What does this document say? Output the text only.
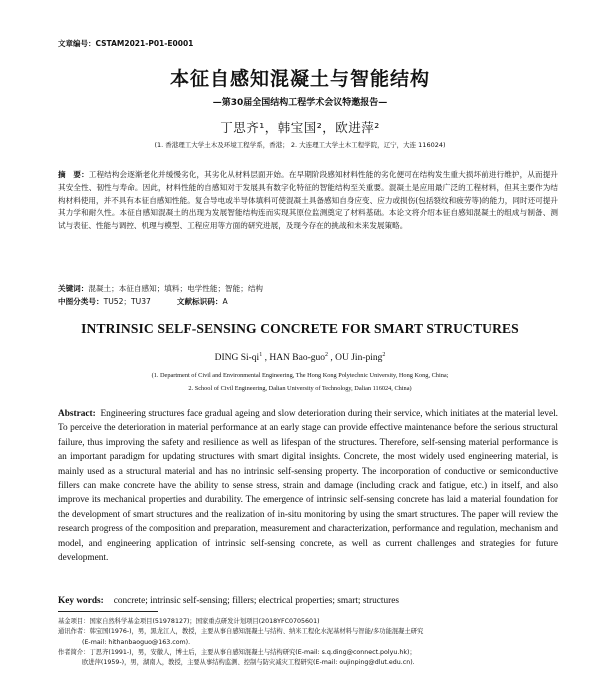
文章编号：CSTAM2021-P01-E0001
本征自感知混凝土与智能结构
—第30届全国结构工程学术会议特邀报告—
丁思齐¹，韩宝国²，欧进萍²
(1. 香港理工大学土木及环境工程学系，香港； 2. 大连理工大学土木工程学院，辽宁，大连 116024)
摘　要：工程结构会逐渐老化并缓慢劣化，其劣化从材料层面开始。在早期阶段感知材料性能的劣化便可在结构发生重大损坏前进行维护，从而提升其安全性、韧性与寿命。因此，材料性能的自感知对于发展具有数字化特征的智能结构至关重要。混凝土是应用最广泛的工程材料，但其主要作为结构材料使用，并不具有本征自感知性能。复合导电或半导体填料可使混凝土具备感知自身应变、应力或损伤(包括裂纹和疲劳等)的能力，同时还可提升其力学和耐久性。本征自感知混凝土的出现为发展智能结构连而实现其原位监测奠定了材料基础。本论文将介绍本征自感知混凝土的组成与制备、测试与表征、性能与调控、机理与模型、工程应用等方面的研究进展，及现今存在的挑战和未来发展策略。
关键词：混凝土；本征自感知；填料；电学性能；智能；结构
中图分类号：TU52；TU37	文献标识码：A
INTRINSIC SELF-SENSING CONCRETE FOR SMART STRUCTURES
DING $Si-qi^1$ , HAN Bao-guo$^2$ , OU Jin-ping$^2$
(1. Department of Civil and Environmental Engineering, The Hong Kong Polytechnic University, Hong Kong, China;
2. School of Civil Engineering, Dalian University of Technology, Dalian 116024, China)
Abstract: Engineering structures face gradual ageing and slow deterioration during their service, which initiates at the material level. To perceive the deterioration in material performance at an early stage can provide effective maintenance before the serious structural failure, thus improving the safety and resilience as well as lifespan of the structures. Therefore, self-sensing material performance is an important paradigm for updating structures with smart digital insights. Concrete, the most widely used engineering material, is mainly used as a structural material and has no intrinsic self-sensing property. The incorporation of conductive or semiconductive fillers can make concrete have the ability to sense stress, strain and damage (including crack and fatigue, etc.) in itself, and also improve its mechanical properties and durability. The emergence of intrinsic self-sensing concrete has laid a material foundation for the development of smart structures and the realization of in-situ monitoring by using the smart structures. The paper will review the research progress of the composition and preparation, measurement and characterization, performance and regulation, mechanism and model, and engineering application of intrinsic self-sensing concrete, as well as current challenges and strategies for future development.
Key words: concrete; intrinsic self-sensing; fillers; electrical properties; smart; structures
基金项目：国家自然科学基金项目(51978127)；国家重点研发计划项目(2018YFC0705601)
通讯作者：韩宝国(1976-)，男，黑龙江人，教授，主要从事自感知混凝土与结构、纳米工程化水泥基材料与智能/多功能混凝土研究
(E-mail: hithanbaoguo@163.com).
作者简介：丁思齐(1991-)，男，安徽人，博士后，主要从事自感知混凝土与结构研究(E-mail: s.q.ding@connect.polyu.hk)；
欧进萍(1959-)，男，湖南人，教授，主要从事结构监测、控制与防灾减灾工程研究(E-mail: oujinping@dlut.edu.cn).
